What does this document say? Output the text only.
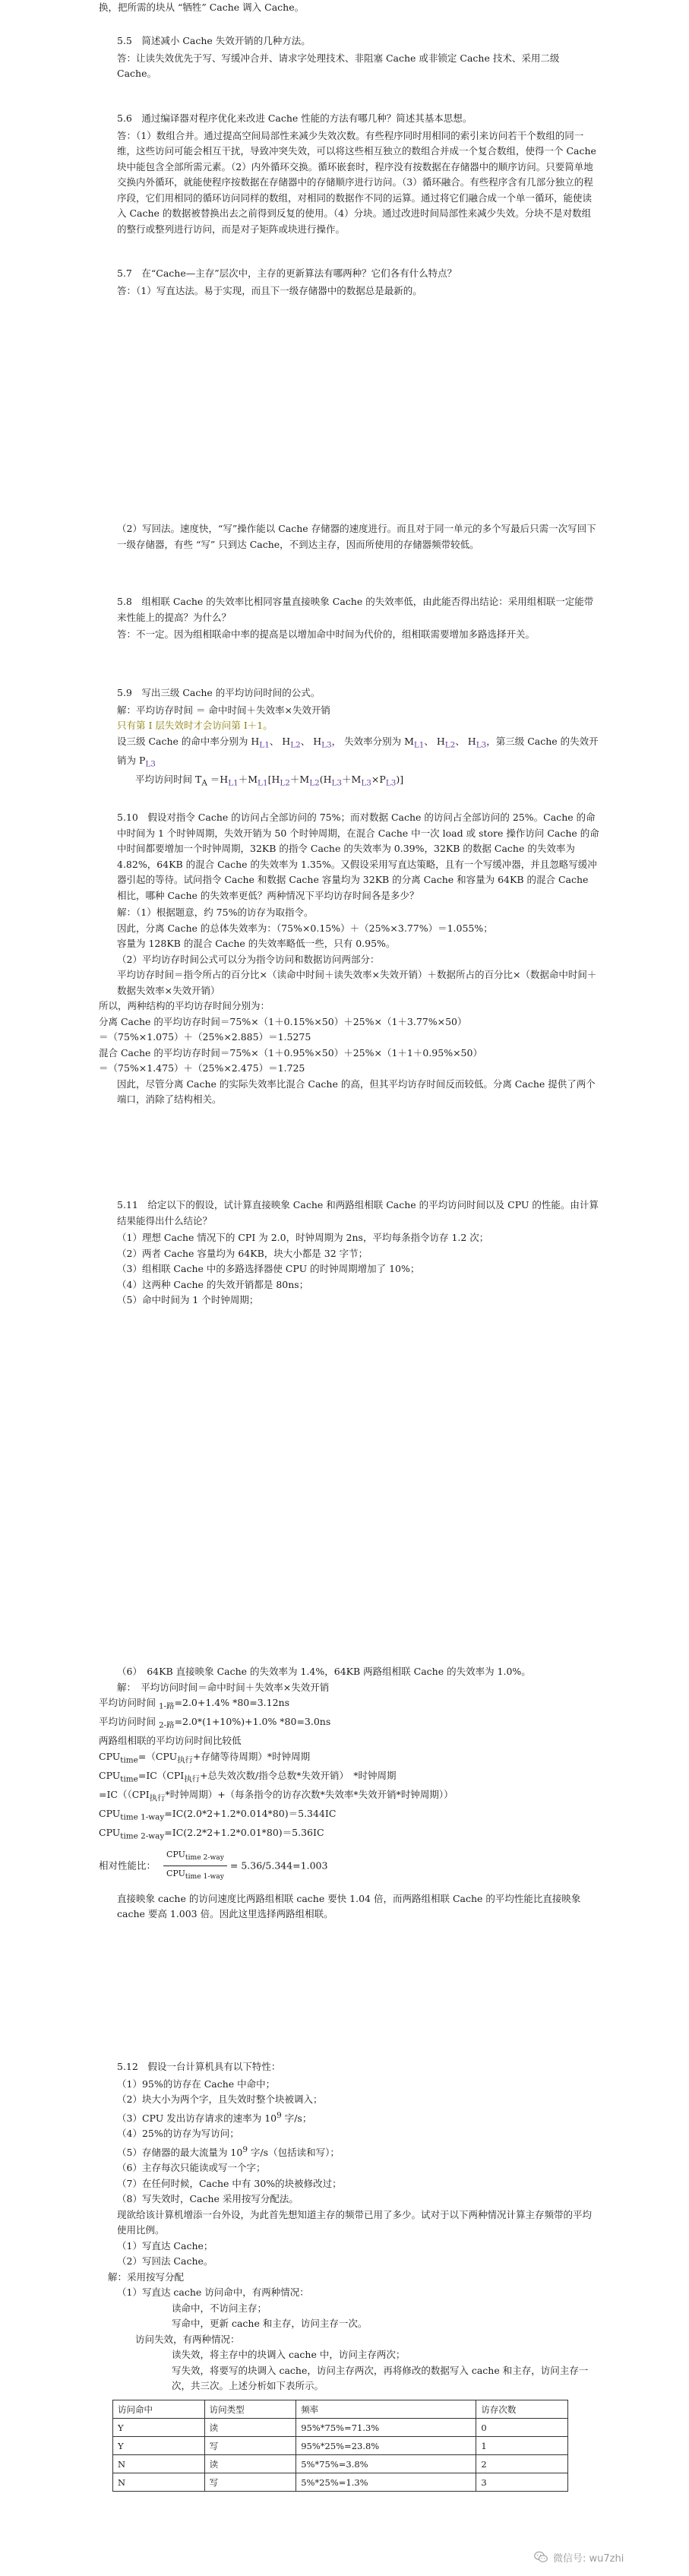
换，把所需的块从 “牺牲” Cache 调入 Cache。

5.5　简述减小 Cache 失效开销的几种方法。

答：让读失效优先于写、写缓冲合并、请求字处理技术、非阻塞 Cache 或非锁定 Cache 技术、采用二级 Cache。

5.6　通过编译器对程序优化来改进 Cache 性能的方法有哪几种？简述其基本思想。

答：（1）数组合并。通过提高空间局部性来减少失效次数。有些程序同时用相同的索引来访问若干个数组的同一维，这些访问可能会相互干扰，导致冲突失效，可以将这些相互独立的数组合并成一个复合数组，使得一个 Cache 块中能包含全部所需元素。（2）内外循环交换。循环嵌套时，程序没有按数据在存储器中的顺序访问。只要简单地交换内外循环，就能使程序按数据在存储器中的存储顺序进行访问。（3）循环融合。有些程序含有几部分独立的程序段，它们用相同的循环访问同样的数组，对相同的数据作不同的运算。通过将它们融合成一个单一循环，能使读入 Cache 的数据被替换出去之前得到反复的使用。（4）分块。通过改进时间局部性来减少失效。分块不是对数组的整行或整列进行访问，而是对子矩阵或块进行操作。

5.7　在“Cache—主存”层次中，主存的更新算法有哪两种？它们各有什么特点？

答：（1）写直达法。易于实现，而且下一级存储器中的数据总是最新的。

（2）写回法。速度快，“写”操作能以 Cache 存储器的速度进行。而且对于同一单元的多个写最后只需一次写回下一级存储器，有些 “写” 只到达 Cache，不到达主存，因而所使用的存储器频带较低。

5.8　组相联 Cache 的失效率比相同容量直接映象 Cache 的失效率低，由此能否得出结论：采用组相联一定能带来性能上的提高？为什么？

答：不一定。因为组相联命中率的提高是以增加命中时间为代价的，组相联需要增加多路选择开关。

5.9　写出三级 Cache 的平均访问时间的公式。

解：平均访存时间 ＝ 命中时间＋失效率×失效开销

只有第 I 层失效时才会访问第 I＋1。

设三级 Cache 的命中率分别为 $H_{L1}$、 $H_{L2}$、 $H_{L3}$， 失效率分别为 $M_{L1}$、 $H_{L2}$、 $H_{L3}$，第三级 Cache 的失效开销为 $P_{L3}$

平均访问时间 $T_A =H_{L1}+M_{L1}[H_{L2}+M_{L2}(H_{L3}+M_{L3}\times P_{L3})]$

5.10　假设对指令 Cache 的访问占全部访问的 75%；而对数据 Cache 的访问占全部访问的 25%。Cache 的命中时间为 1 个时钟周期，失效开销为 50 个时钟周期，在混合 Cache 中一次 load 或 store 操作访问 Cache 的命中时间都要增加一个时钟周期，32KB 的指令 Cache 的失效率为 0.39%，32KB 的数据 Cache 的失效率为 4.82%，64KB 的混合 Cache 的失效率为 1.35%。又假设采用写直达策略，且有一个写缓冲器，并且忽略写缓冲器引起的等待。试问指令 Cache 和数据 Cache 容量均为 32KB 的分离 Cache 和容量为 64KB 的混合 Cache 相比，哪种 Cache 的失效率更低？两种情况下平均访存时间各是多少？

解：（1）根据题意，约 75%的访存为取指令。

因此，分离 Cache 的总体失效率为：（75%×0.15%）＋（25%×3.77%）＝1.055%；

容量为 128KB 的混合 Cache 的失效率略低一些，只有 0.95%。

（2）平均访存时间公式可以分为指令访问和数据访问两部分：

平均访存时间＝指令所占的百分比×（读命中时间＋读失效率×失效开销）＋数据所占的百分比×（数据命中时间＋数据失效率×失效开销）

所以，两种结构的平均访存时间分别为：

分离 Cache 的平均访存时间＝75%×（1＋0.15%×50）＋25%×（1＋3.77%×50）

＝（75%×1.075）＋（25%×2.885）＝1.5275

混合 Cache 的平均访存时间＝75%×（1＋0.95%×50）＋25%×（1＋1＋0.95%×50）

＝（75%×1.475）＋（25%×2.475）＝1.725

因此，尽管分离 Cache 的实际失效率比混合 Cache 的高，但其平均访存时间反而较低。分离 Cache 提供了两个端口，消除了结构相关。

5.11　给定以下的假设，试计算直接映象 Cache 和两路组相联 Cache 的平均访问时间以及 CPU 的性能。由计算结果能得出什么结论？

（1）理想 Cache 情况下的 CPI 为 2.0，时钟周期为 2ns，平均每条指令访存 1.2 次；

（2）两者 Cache 容量均为 64KB，块大小都是 32 字节；

（3）组相联 Cache 中的多路选择器使 CPU 的时钟周期增加了 10%；

（4）这两种 Cache 的失效开销都是 80ns；

（5）命中时间为 1 个时钟周期；

（6）　64KB 直接映象 Cache 的失效率为 1.4%，64KB 两路组相联 Cache 的失效率为 1.0%。

解：　平均访问时间＝命中时间＋失效率×失效开销

平均访问时间 $_{1-路}$=2.0+1.4% *80=3.12ns

平均访问时间 $_{2-路}$=2.0*(1+10%)+1.0% *80=3.0ns

两路组相联的平均访问时间比较低

$CPU_{time}=(CPU_{执行}+$存储等待周期）*时钟周期

$CPU_{time}=IC(CPI_{执行}+$总失效次数/指令总数*失效开销）　*时钟周期

$=IC((CPI_{执行}*$时钟周期）+（每条指令的访存次数*失效率*失效开销*时钟周期））

$CPU_{time 1-way}=IC(2.0*2+1.2*0.014*80)=5.344IC$

$CPU_{time 2-way}=IC(2.2*2+1.2*0.01*80)=5.36IC$

相对性能比： $\frac{CPU_{time 2-way}}{CPU_{time 1-way}} = 5.36/5.344=1.003$

直接映象 cache 的访问速度比两路组相联 cache 要快 1.04 倍，而两路组相联 Cache 的平均性能比直接映象 cache 要高 1.003 倍。因此这里选择两路组相联。

5.12　假设一台计算机具有以下特性：

（1）95%的访存在 Cache 中命中；

（2）块大小为两个字，且失效时整个块被调入；

（3）CPU 发出访存请求的速率为 $10^9$ 字/s；

（4）25%的访存为写访问；

（5）存储器的最大流量为 $10^9$ 字/s（包括读和写）；

（6）主存每次只能读或写一个字；

（7）在任何时候，Cache 中有 30%的块被修改过；

（8）写失效时，Cache 采用按写分配法。

现欲给该计算机增添一台外设，为此首先想知道主存的频带已用了多少。试对于以下两种情况计算主存频带的平均使用比例。

（1）写直达 Cache；

（2）写回法 Cache。

解：采用按写分配

（1）写直达 cache 访问命中，有两种情况：

读命中，不访问主存；

写命中，更新 cache 和主存，访问主存一次。

访问失效，有两种情况：

读失效，将主存中的块调入 cache 中，访问主存两次；

写失效，将要写的块调入 cache，访问主存两次，再将修改的数据写入 cache 和主存，访问主存一次，共三次。上述分析如下表所示。

访问命中	访问类型	频率	访存次数
Y	读	95%*75%=71.3%	0
Y	写	95%*25%=23.8%	1
N	读	5%*75%=3.8%	2
N	写	5%*25%=1.3%	3
微信号: wu7zhi
